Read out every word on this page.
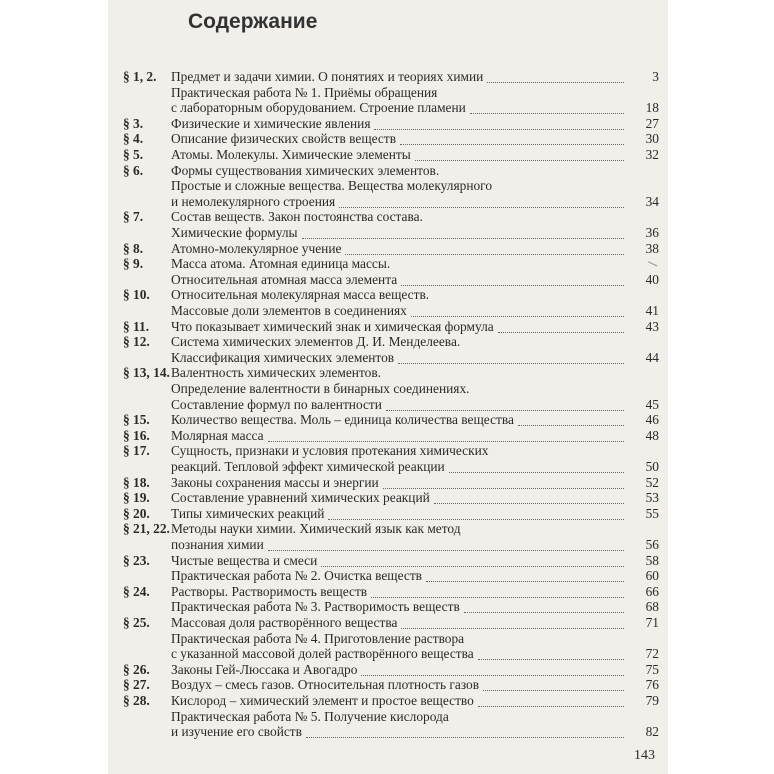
Содержание
§ 1, 2. Предмет и задачи химии. О понятиях и теориях химии	3
Практическая работа № 1. Приёмы обращения
с лабораторным оборудованием. Строение пламени	18
§ 3. Физические и химические явления	27
§ 4. Описание физических свойств веществ	30
§ 5. Атомы. Молекулы. Химические элементы	32
§ 6. Формы существования химических элементов.
Простые и сложные вещества. Вещества молекулярного
и немолекулярного строения	34
§ 7. Состав веществ. Закон постоянства состава.
Химические формулы	36
§ 8. Атомно-молекулярное учение	38
§ 9. Масса атома. Атомная единица массы.
Относительная атомная масса элемента	40
§ 10. Относительная молекулярная масса веществ.
Массовые доли элементов в соединениях	41
§ 11. Что показывает химический знак и химическая формула	43
§ 12. Система химических элементов Д. И. Менделеева.
Классификация химических элементов	44
§ 13, 14. Валентность химических элементов.
Определение валентности в бинарных соединениях.
Составление формул по валентности	45
§ 15. Количество вещества. Моль – единица количества вещества	46
§ 16. Молярная масса	48
§ 17. Сущность, признаки и условия протекания химических
реакций. Тепловой эффект химической реакции	50
§ 18. Законы сохранения массы и энергии	52
§ 19. Составление уравнений химических реакций	53
§ 20. Типы химических реакций	55
§ 21, 22. Методы науки химии. Химический язык как метод
познания химии	56
§ 23. Чистые вещества и смеси	58
Практическая работа № 2. Очистка веществ	60
§ 24. Растворы. Растворимость веществ	66
Практическая работа № 3. Растворимость веществ	68
§ 25. Массовая доля растворённого вещества	71
Практическая работа № 4. Приготовление раствора
с указанной массовой долей растворённого вещества	72
§ 26. Законы Гей-Люссака и Авогадро	75
§ 27. Воздух – смесь газов. Относительная плотность газов	76
§ 28. Кислород – химический элемент и простое вещество	79
Практическая работа № 5. Получение кислорода
и изучение его свойств	82
143
